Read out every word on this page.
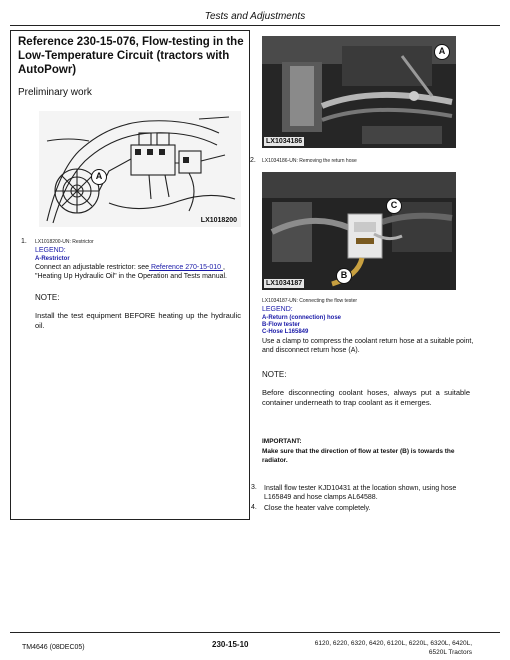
Tests and Adjustments
Reference 230-15-076, Flow-testing in the Low-Temperature Circuit (tractors with AutoPowr)
Preliminary work
LX1018200
A
1. LX1018200-UN: Restrictor
LEGEND:
A-Restrictor
Connect an adjustable restrictor: see Reference 270-15-010 , "Heating Up Hydraulic Oil" in the Operation and Tests manual.
NOTE:
Install the test equipment BEFORE heating up the hydraulic oil.
LX1034186
A
2. LX1034186-UN: Removing the return hose
LX1034187
C
B
LX1034187-UN: Connecting the flow tester
LEGEND:
A-Return (connection) hose
B-Flow tester
C-Hose L165849
Use a clamp to compress the coolant return hose at a suitable point, and disconnect return hose (A).
NOTE:
Before disconnecting coolant hoses, always put a suitable container underneath to trap coolant as it emerges.
IMPORTANT:
Make sure that the direction of flow at tester (B) is towards the radiator.
3. Install flow tester KJD10431 at the location shown, using hose L165849 and hose clamps AL64588.
4. Close the heater valve completely.
TM4646 (08DEC05)	230-15-10	6120, 6220, 6320, 6420, 6120L, 6220L, 6320L, 6420L,
6520L Tractors
